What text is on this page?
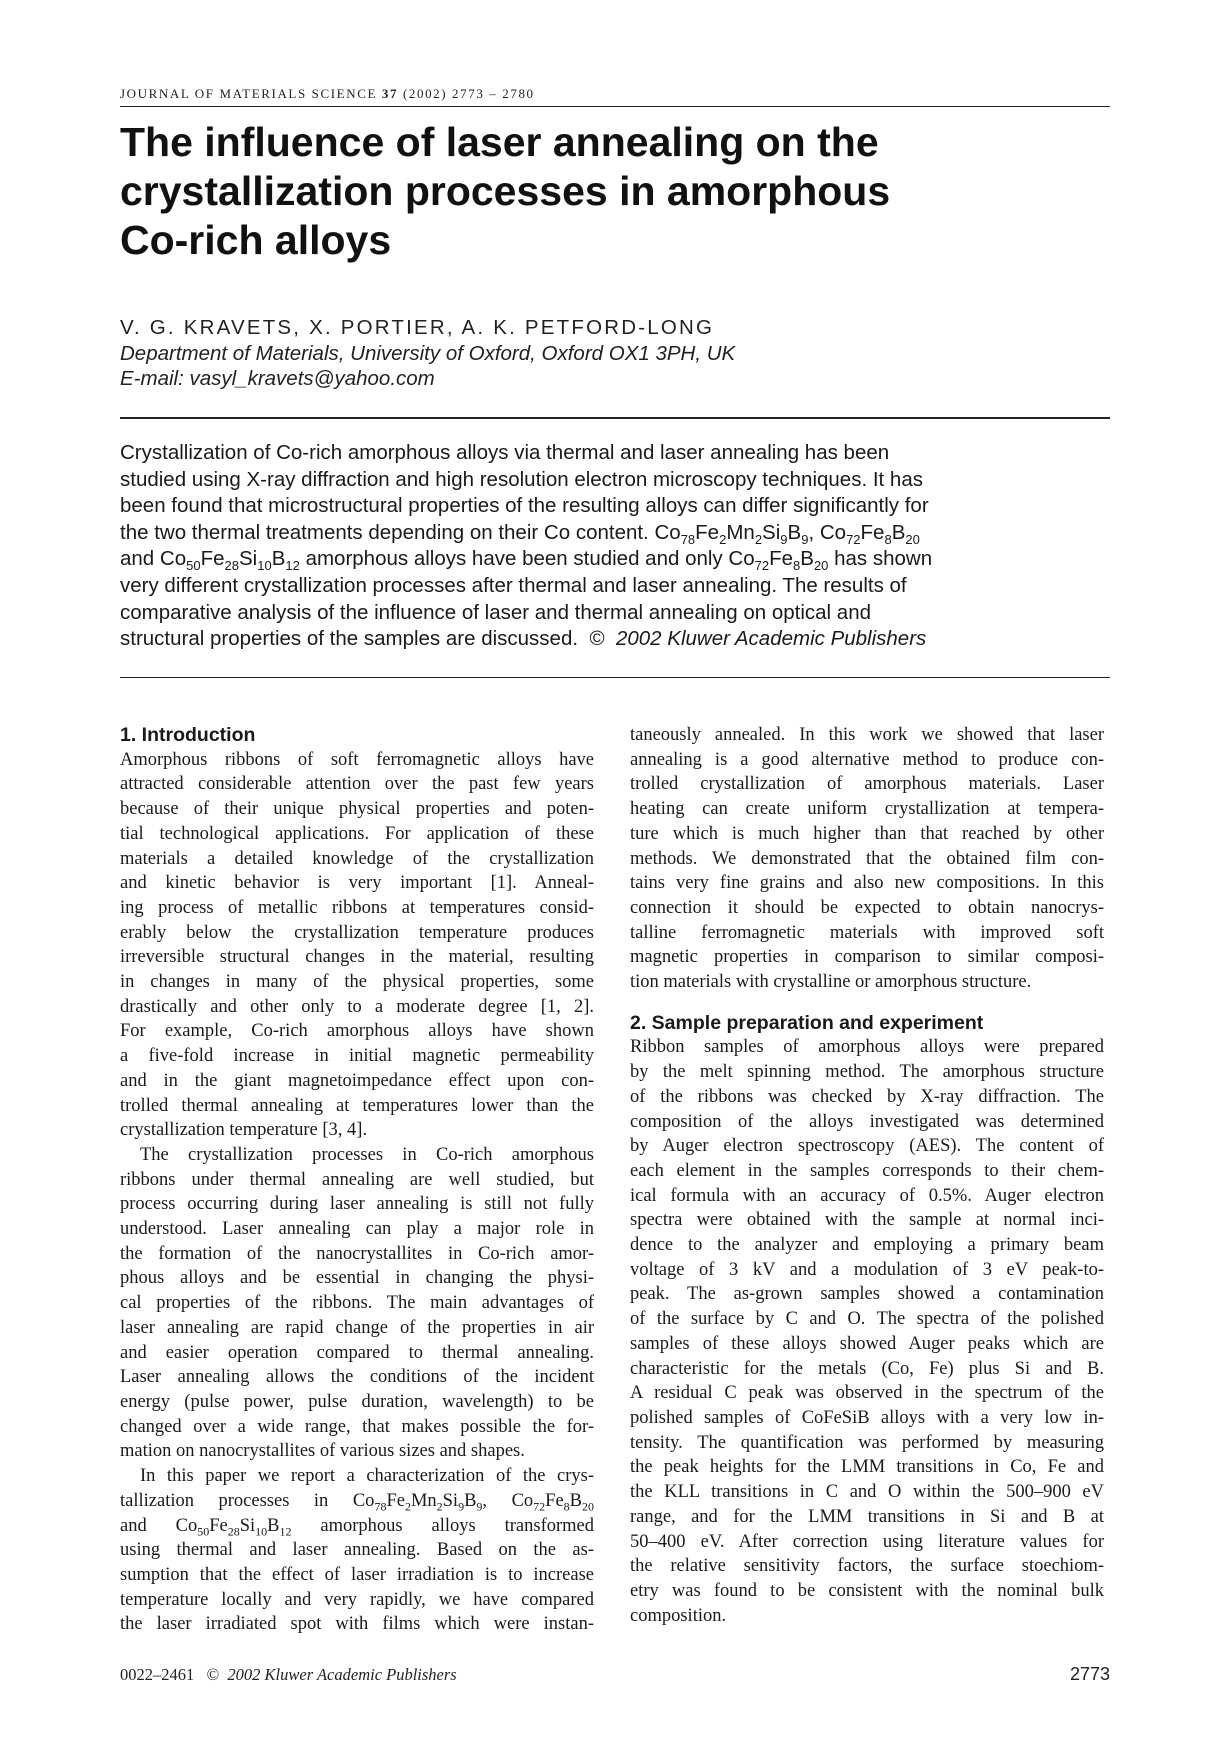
JOURNAL OF MATERIALS SCIENCE 37 (2002) 2773 – 2780
The influence of laser annealing on the
crystallization processes in amorphous
Co-rich alloys
V. G. KRAVETS, X. PORTIER, A. K. PETFORD-LONG
Department of Materials, University of Oxford, Oxford OX1 3PH, UK
E-mail: vasyl_kravets@yahoo.com
Crystallization of Co-rich amorphous alloys via thermal and laser annealing has been
studied using X-ray diffraction and high resolution electron microscopy techniques. It has
been found that microstructural properties of the resulting alloys can differ significantly for
the two thermal treatments depending on their Co content. $Co_{78}Fe_2Mn_2Si_9B_9$, $Co_{72}Fe_8B_{20}$
and $Co_{50}Fe_{28}Si_{10}B_{12}$ amorphous alloys have been studied and only $Co_{72}Fe_8B_{20}$ has shown
very different crystallization processes after thermal and laser annealing. The results of
comparative analysis of the influence of laser and thermal annealing on optical and
structural properties of the samples are discussed. © 2002 Kluwer Academic Publishers
1. Introduction
Amorphous ribbons of soft ferromagnetic alloys have
attracted considerable attention over the past few years
because of their unique physical properties and poten-
tial technological applications. For application of these
materials a detailed knowledge of the crystallization
and kinetic behavior is very important [1]. Anneal-
ing process of metallic ribbons at temperatures consid-
erably below the crystallization temperature produces
irreversible structural changes in the material, resulting
in changes in many of the physical properties, some
drastically and other only to a moderate degree [1, 2].
For example, Co-rich amorphous alloys have shown
a five-fold increase in initial magnetic permeability
and in the giant magnetoimpedance effect upon con-
trolled thermal annealing at temperatures lower than the
crystallization temperature [3, 4].
The crystallization processes in Co-rich amorphous
ribbons under thermal annealing are well studied, but
process occurring during laser annealing is still not fully
understood. Laser annealing can play a major role in
the formation of the nanocrystallites in Co-rich amor-
phous alloys and be essential in changing the physi-
cal properties of the ribbons. The main advantages of
laser annealing are rapid change of the properties in air
and easier operation compared to thermal annealing.
Laser annealing allows the conditions of the incident
energy (pulse power, pulse duration, wavelength) to be
changed over a wide range, that makes possible the for-
mation on nanocrystallites of various sizes and shapes.
In this paper we report a characterization of the crys-
tallization processes in $Co_{78}Fe_2Mn_2Si_9B_9$, $Co_{72}Fe_8B_{20}$
and $Co_{50}Fe_{28}Si_{10}B_{12}$ amorphous alloys transformed
using thermal and laser annealing. Based on the as-
sumption that the effect of laser irradiation is to increase
temperature locally and very rapidly, we have compared
the laser irradiated spot with films which were instan-
taneously annealed. In this work we showed that laser
annealing is a good alternative method to produce con-
trolled crystallization of amorphous materials. Laser
heating can create uniform crystallization at tempera-
ture which is much higher than that reached by other
methods. We demonstrated that the obtained film con-
tains very fine grains and also new compositions. In this
connection it should be expected to obtain nanocrys-
talline ferromagnetic materials with improved soft
magnetic properties in comparison to similar composi-
tion materials with crystalline or amorphous structure.
2. Sample preparation and experiment
Ribbon samples of amorphous alloys were prepared
by the melt spinning method. The amorphous structure
of the ribbons was checked by X-ray diffraction. The
composition of the alloys investigated was determined
by Auger electron spectroscopy (AES). The content of
each element in the samples corresponds to their chem-
ical formula with an accuracy of 0.5%. Auger electron
spectra were obtained with the sample at normal inci-
dence to the analyzer and employing a primary beam
voltage of 3 kV and a modulation of 3 eV peak-to-
peak. The as-grown samples showed a contamination
of the surface by C and O. The spectra of the polished
samples of these alloys showed Auger peaks which are
characteristic for the metals (Co, Fe) plus Si and B.
A residual C peak was observed in the spectrum of the
polished samples of CoFeSiB alloys with a very low in-
tensity. The quantification was performed by measuring
the peak heights for the LMM transitions in Co, Fe and
the KLL transitions in C and O within the 500–900 eV
range, and for the LMM transitions in Si and B at
50–400 eV. After correction using literature values for
the relative sensitivity factors, the surface stoechiom-
etry was found to be consistent with the nominal bulk
composition.
0022–2461 © 2002 Kluwer Academic Publishers	2773
